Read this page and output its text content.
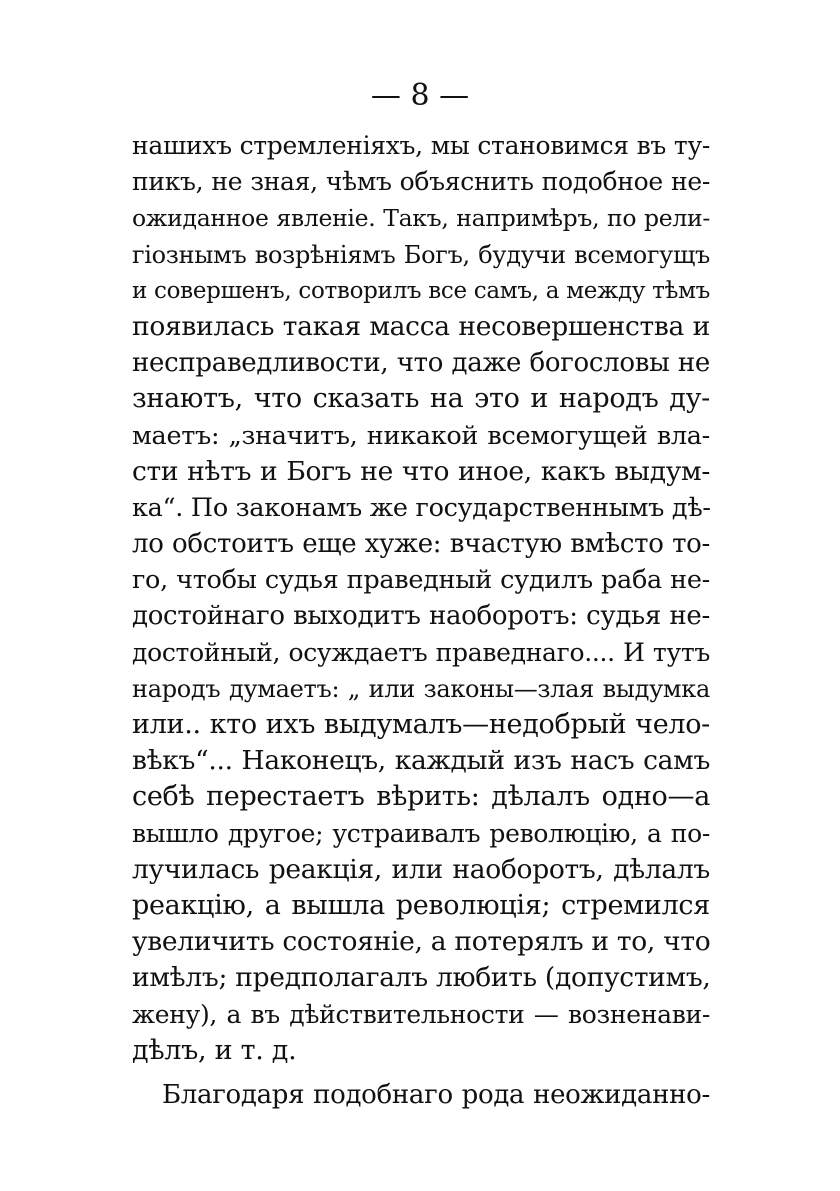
— 8 —
нашихъ стремленіяхъ, мы становимся въ ту-
пикъ, не зная, чѣмъ объяснить подобное не-
ожиданное явленіе. Такъ, напримѣръ, по рели-
гіознымъ возрѣніямъ Богъ, будучи всемогущъ
и совершенъ, сотворилъ все самъ, а между тѣмъ
появилась такая масса несовершенства и
несправедливости, что даже богословы не
знаютъ, что сказать на это и народъ ду-
маетъ: „значитъ, никакой всемогущей вла-
сти нѣтъ и Богъ не что иное, какъ выдум-
ка“. По законамъ же государственнымъ дѣ-
ло обстоитъ еще хуже: вчастую вмѣсто то-
го, чтобы судья праведный судилъ раба не-
достойнаго выходитъ наоборотъ: судья не-
достойный, осуждаетъ праведнаго.... И тутъ
народъ думаетъ: „ или законы—злая выдумка
или.. кто ихъ выдумалъ—недобрый чело-
вѣкъ“... Наконецъ, каждый изъ насъ самъ
себѣ перестаетъ вѣрить: дѣлалъ одно—а
вышло другое; устраивалъ революцію, а по-
лучилась реакція, или наоборотъ, дѣлалъ
реакцію, а вышла революція; стремился
увеличить состояніе, а потерялъ и то, что
имѣлъ; предполагалъ любить (допустимъ,
жену), а въ дѣйствительности — возненави-
дѣлъ, и т. д.
Благодаря подобнаго рода неожиданно-
